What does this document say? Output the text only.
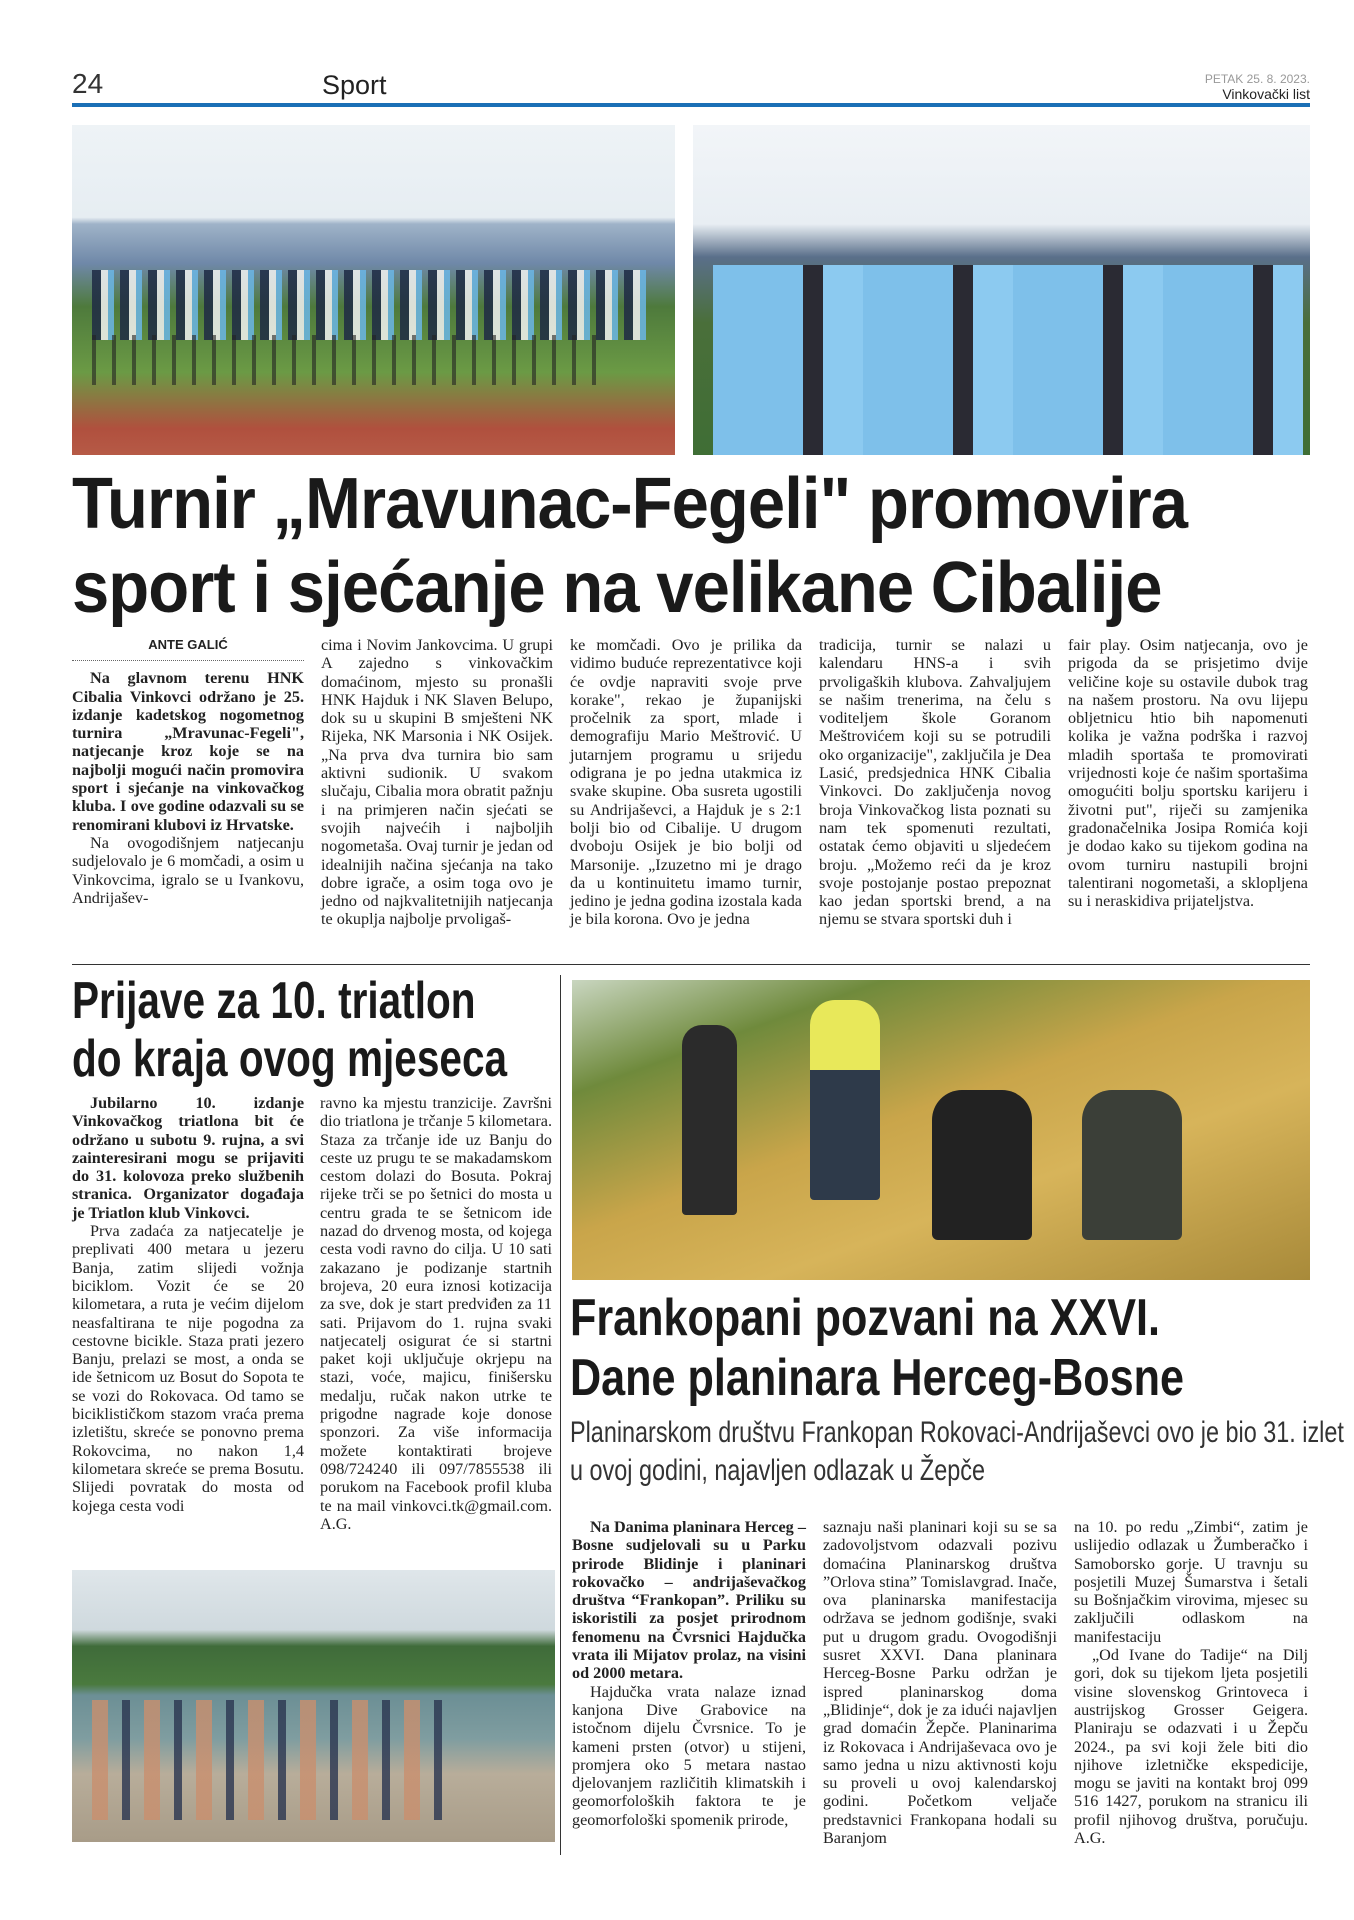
24	Sport	PETAK 25. 8. 2023.
Vinkovački list
Turnir „Mravunac-Fegeli" promovira
sport i sjećanje na velikane Cibalije
ANTE GALIĆ

Na glavnom terenu HNK Cibalia Vinkovci održano je 25. izdanje kadetskog nogometnog turnira „Mravunac-Fegeli", natjecanje kroz koje se na najbolji mogući način promovira sport i sjećanje na vinkovačkog kluba. I ove godine odazvali su se renomirani klubovi iz Hrvatske.

Na ovogodišnjem natjecanju sudjelovalo je 6 momčadi, a osim u Vinkovcima, igralo se u Ivankovu, Andrijašev-

cima i Novim Jankovcima. U grupi A zajedno s vinkovačkim domaćinom, mjesto su pronašli HNK Hajduk i NK Slaven Belupo, dok su u skupini B smješteni NK Rijeka, NK Marsonia i NK Osijek. „Na prva dva turnira bio sam aktivni sudionik. U svakom slučaju, Cibalia mora obratit pažnju i na primjeren način sjećati se svojih najvećih i najboljih nogometaša. Ovaj turnir je jedan od idealnijih načina sjećanja na tako dobre igrače, a osim toga ovo je jedno od najkvalitetnijih natjecanja te okuplja najbolje prvoligaš-

ke momčadi. Ovo je prilika da vidimo buduće reprezentativce koji će ovdje napraviti svoje prve korake", rekao je županijski pročelnik za sport, mlade i demografiju Mario Meštrović. U jutarnjem programu u srijedu odigrana je po jedna utakmica iz svake skupine. Oba susreta ugostili su Andrijaševci, a Hajduk je s 2:1 bolji bio od Cibalije. U drugom dvoboju Osijek je bio bolji od Marsonije. „Izuzetno mi je drago da u kontinuitetu imamo turnir, jedino je jedna godina izostala kada je bila korona. Ovo je jedna

tradicija, turnir se nalazi u kalendaru HNS-a i svih prvoligaških klubova. Zahvaljujem se našim trenerima, na čelu s voditeljem škole Goranom Meštrovićem koji su se potrudili oko organizacije", zaključila je Dea Lasić, predsjednica HNK Cibalia Vinkovci. Do zaključenja novog broja Vinkovačkog lista poznati su nam tek spomenuti rezultati, ostatak ćemo objaviti u sljedećem broju. „Možemo reći da je kroz svoje postojanje postao prepoznat kao jedan sportski brend, a na njemu se stvara sportski duh i

fair play. Osim natjecanja, ovo je prigoda da se prisjetimo dvije veličine koje su ostavile dubok trag na našem prostoru. Na ovu lijepu obljetnicu htio bih napomenuti kolika je važna podrška i razvoj mladih sportaša te promovirati vrijednosti koje će našim sportašima omogućiti bolju sportsku karijeru i životni put", riječi su zamjenika gradonačelnika Josipa Romića koji je dodao kako su tijekom godina na ovom turniru nastupili brojni talentirani nogometaši, a sklopljena su i neraskidiva prijateljstva.

Prijave za 10. triatlon
do kraja ovog mjeseca

Jubilarno 10. izdanje Vinkovačkog triatlona bit će održano u subotu 9. rujna, a svi zainteresirani mogu se prijaviti do 31. kolovoza preko službenih stranica. Organizator događaja je Triatlon klub Vinkovci.

Prva zadaća za natjecatelje je preplivati 400 metara u jezeru Banja, zatim slijedi vožnja biciklom. Vozit će se 20 kilometara, a ruta je većim dijelom neasfaltirana te nije pogodna za cestovne bicikle. Staza prati jezero Banju, prelazi se most, a onda se ide šetnicom uz Bosut do Sopota te se vozi do Rokovaca. Od tamo se biciklističkom stazom vraća prema izletištu, skreće se ponovno prema Rokovcima, no nakon 1,4 kilometara skreće se prema Bosutu. Slijedi povratak do mosta od kojega cesta vodi

ravno ka mjestu tranzicije. Završni dio triatlona je trčanje 5 kilometara. Staza za trčanje ide uz Banju do ceste uz prugu te se makadamskom cestom dolazi do Bosuta. Pokraj rijeke trči se po šetnici do mosta u centru grada te se šetnicom ide nazad do drvenog mosta, od kojega cesta vodi ravno do cilja. U 10 sati zakazano je podizanje startnih brojeva, 20 eura iznosi kotizacija za sve, dok je start predviđen za 11 sati. Prijavom do 1. rujna svaki natjecatelj osigurat će si startni paket koji uključuje okrjepu na stazi, voće, majicu, finišersku medalju, ručak nakon utrke te prigodne nagrade koje donose sponzori. Za više informacija možete kontaktirati brojeve 098/724240 ili 097/7855538 ili porukom na Facebook profil kluba te na mail vinkovci.tk@gmail.com. A.G.

Frankopani pozvani na XXVI.
Dane planinara Herceg-Bosne
Planinarskom društvu Frankopan Rokovaci-Andrijaševci ovo je bio 31. izlet u ovoj godini, najavljen odlazak u Žepče

Na Danima planinara Herceg – Bosne sudjelovali su u Parku prirode Blidinje i planinari rokovačko – andrijaševačkog društva “Frankopan”. Priliku su iskoristili za posjet prirodnom fenomenu na Čvrsnici Hajdučka vrata ili Mijatov prolaz, na visini od 2000 metara.

Hajdučka vrata nalaze iznad kanjona Dive Grabovice na istočnom dijelu Čvrsnice. To je kameni prsten (otvor) u stijeni, promjera oko 5 metara nastao djelovanjem različitih klimatskih i geomorfoloških faktora te je geomorfološki spomenik prirode,

saznaju naši planinari koji su se sa zadovoljstvom odazvali pozivu domaćina Planinarskog društva ”Orlova stina” Tomislavgrad. Inače, ova planinarska manifestacija održava se jednom godišnje, svaki put u drugom gradu. Ovogodišnji susret XXVI. Dana planinara Herceg-Bosne Parku održan je ispred planinarskog doma „Blidinje“, dok je za idući najavljen grad domaćin Žepče. Planinarima iz Rokovaca i Andrijaševaca ovo je samo jedna u nizu aktivnosti koju su proveli u ovoj kalendarskoj godini. Početkom veljače predstavnici Frankopana hodali su Baranjom

na 10. po redu „Zimbi“, zatim je uslijedio odlazak u Žumberačko i Samoborsko gorje. U travnju su posjetili Muzej Šumarstva i šetali su Bošnjačkim virovima, mjesec su zaključili odlaskom na manifestaciju

„Od Ivane do Tadije“ na Dilj gori, dok su tijekom ljeta posjetili visine slovenskog Grintoveca i austrijskog Grosser Geigera. Planiraju se odazvati i u Žepču 2024., pa svi koji žele biti dio njihove izletničke ekspedicije, mogu se javiti na kontakt broj 099 516 1427, porukom na stranicu ili profil njihovog društva, poručuju. A.G.
